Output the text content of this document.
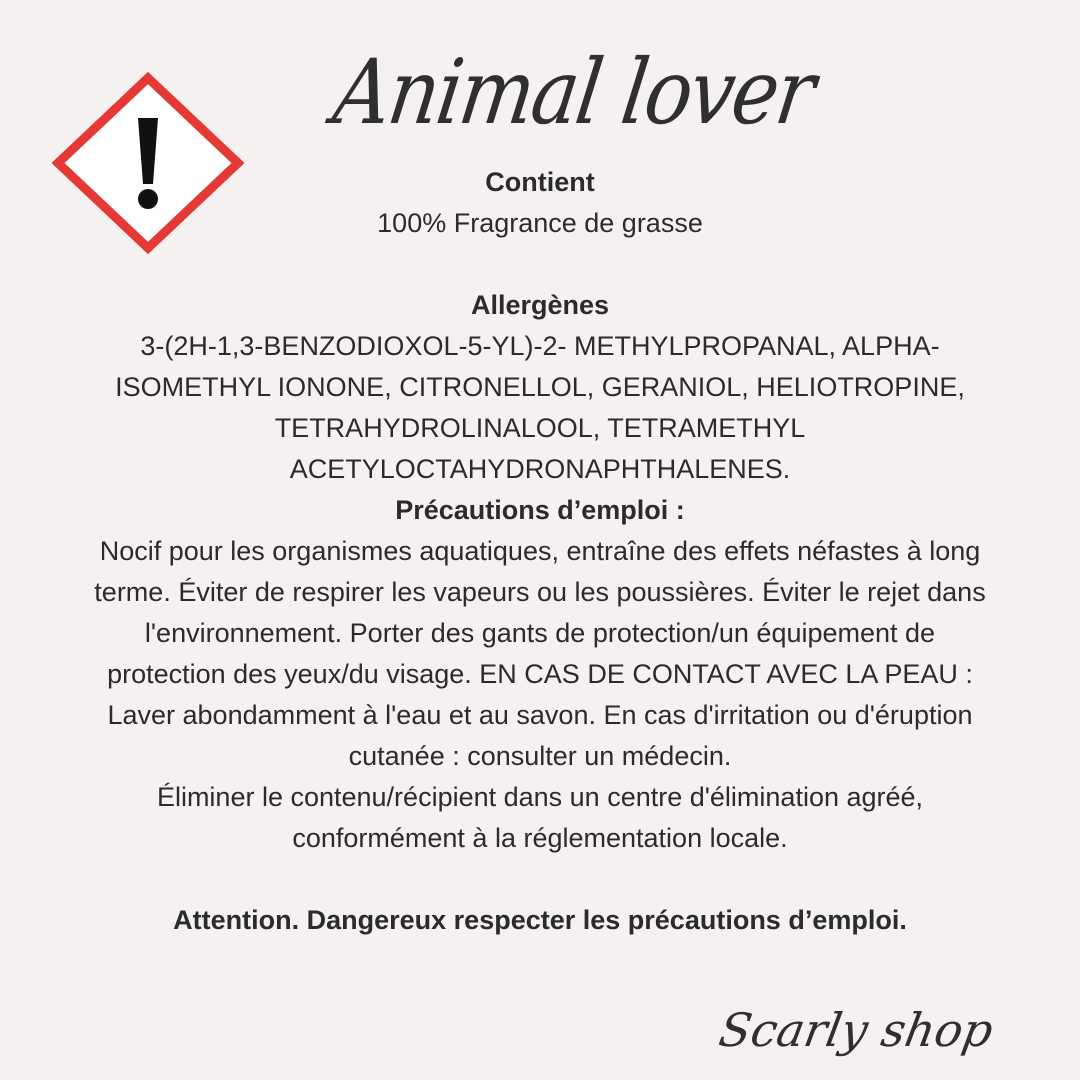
Animal lover

Contient

100% Fragrance de grasse

Allergènes

3-(2H-1,3-BENZODIOXOL-5-YL)-2- METHYLPROPANAL, ALPHA-

ISOMETHYL IONONE, CITRONELLOL, GERANIOL, HELIOTROPINE,

TETRAHYDROLINALOOL, TETRAMETHYL

ACETYLOCTAHYDRONAPHTHALENES.

Précautions d’emploi :

Nocif pour les organismes aquatiques, entraîne des effets néfastes à long

terme. Éviter de respirer les vapeurs ou les poussières. Éviter le rejet dans

l'environnement. Porter des gants de protection/un équipement de

protection des yeux/du visage. EN CAS DE CONTACT AVEC LA PEAU :

Laver abondamment à l'eau et au savon. En cas d'irritation ou d'éruption

cutanée : consulter un médecin.

Éliminer le contenu/récipient dans un centre d'élimination agréé,

conformément à la réglementation locale.

Attention. Dangereux respecter les précautions d’emploi.

Scarly shop
